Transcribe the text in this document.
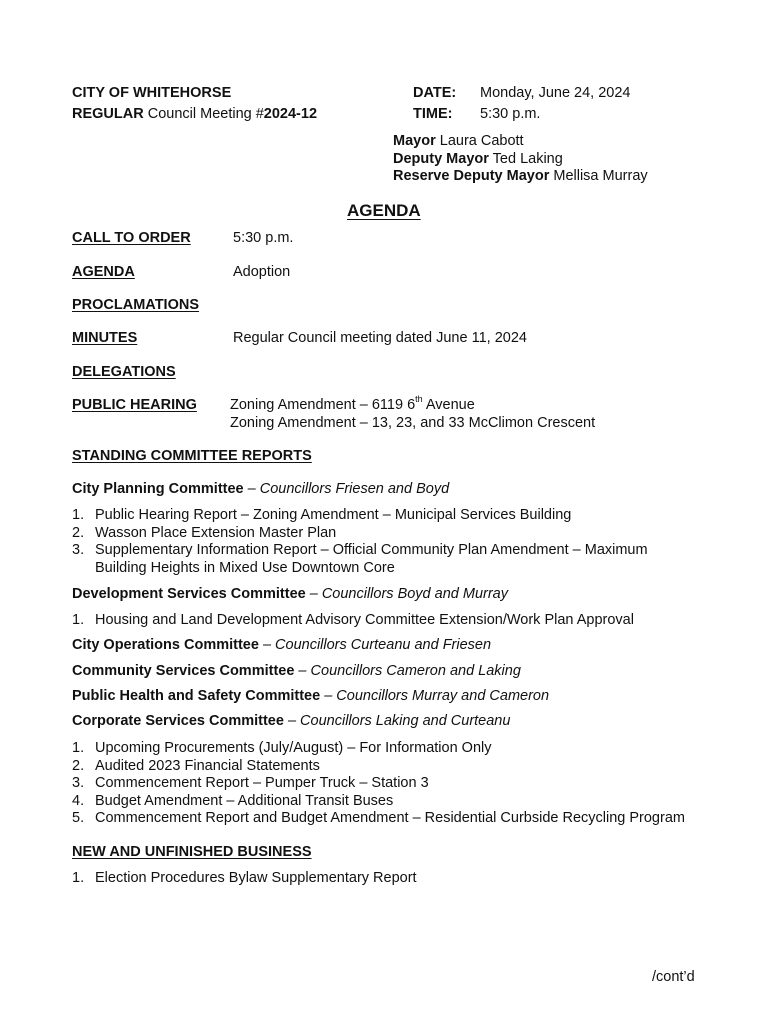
CITY OF WHITEHORSE
REGULAR Council Meeting #2024-12
DATE: Monday, June 24, 2024
TIME: 5:30 p.m.
Mayor Laura Cabott
Deputy Mayor Ted Laking
Reserve Deputy Mayor Mellisa Murray
AGENDA
CALL TO ORDER	5:30 p.m.
AGENDA	Adoption
PROCLAMATIONS
MINUTES	Regular Council meeting dated June 11, 2024
DELEGATIONS
PUBLIC HEARING Zoning Amendment – 6119 6th Avenue
Zoning Amendment – 13, 23, and 33 McClimon Crescent
STANDING COMMITTEE REPORTS
City Planning Committee – Councillors Friesen and Boyd
1. Public Hearing Report – Zoning Amendment – Municipal Services Building
2. Wasson Place Extension Master Plan
3. Supplementary Information Report – Official Community Plan Amendment – Maximum
Building Heights in Mixed Use Downtown Core
Development Services Committee – Councillors Boyd and Murray
1. Housing and Land Development Advisory Committee Extension/Work Plan Approval
City Operations Committee – Councillors Curteanu and Friesen
Community Services Committee – Councillors Cameron and Laking
Public Health and Safety Committee – Councillors Murray and Cameron
Corporate Services Committee – Councillors Laking and Curteanu
1. Upcoming Procurements (July/August) – For Information Only
2. Audited 2023 Financial Statements
3. Commencement Report – Pumper Truck – Station 3
4. Budget Amendment – Additional Transit Buses
5. Commencement Report and Budget Amendment – Residential Curbside Recycling Program
NEW AND UNFINISHED BUSINESS
1. Election Procedures Bylaw Supplementary Report
/cont’d
